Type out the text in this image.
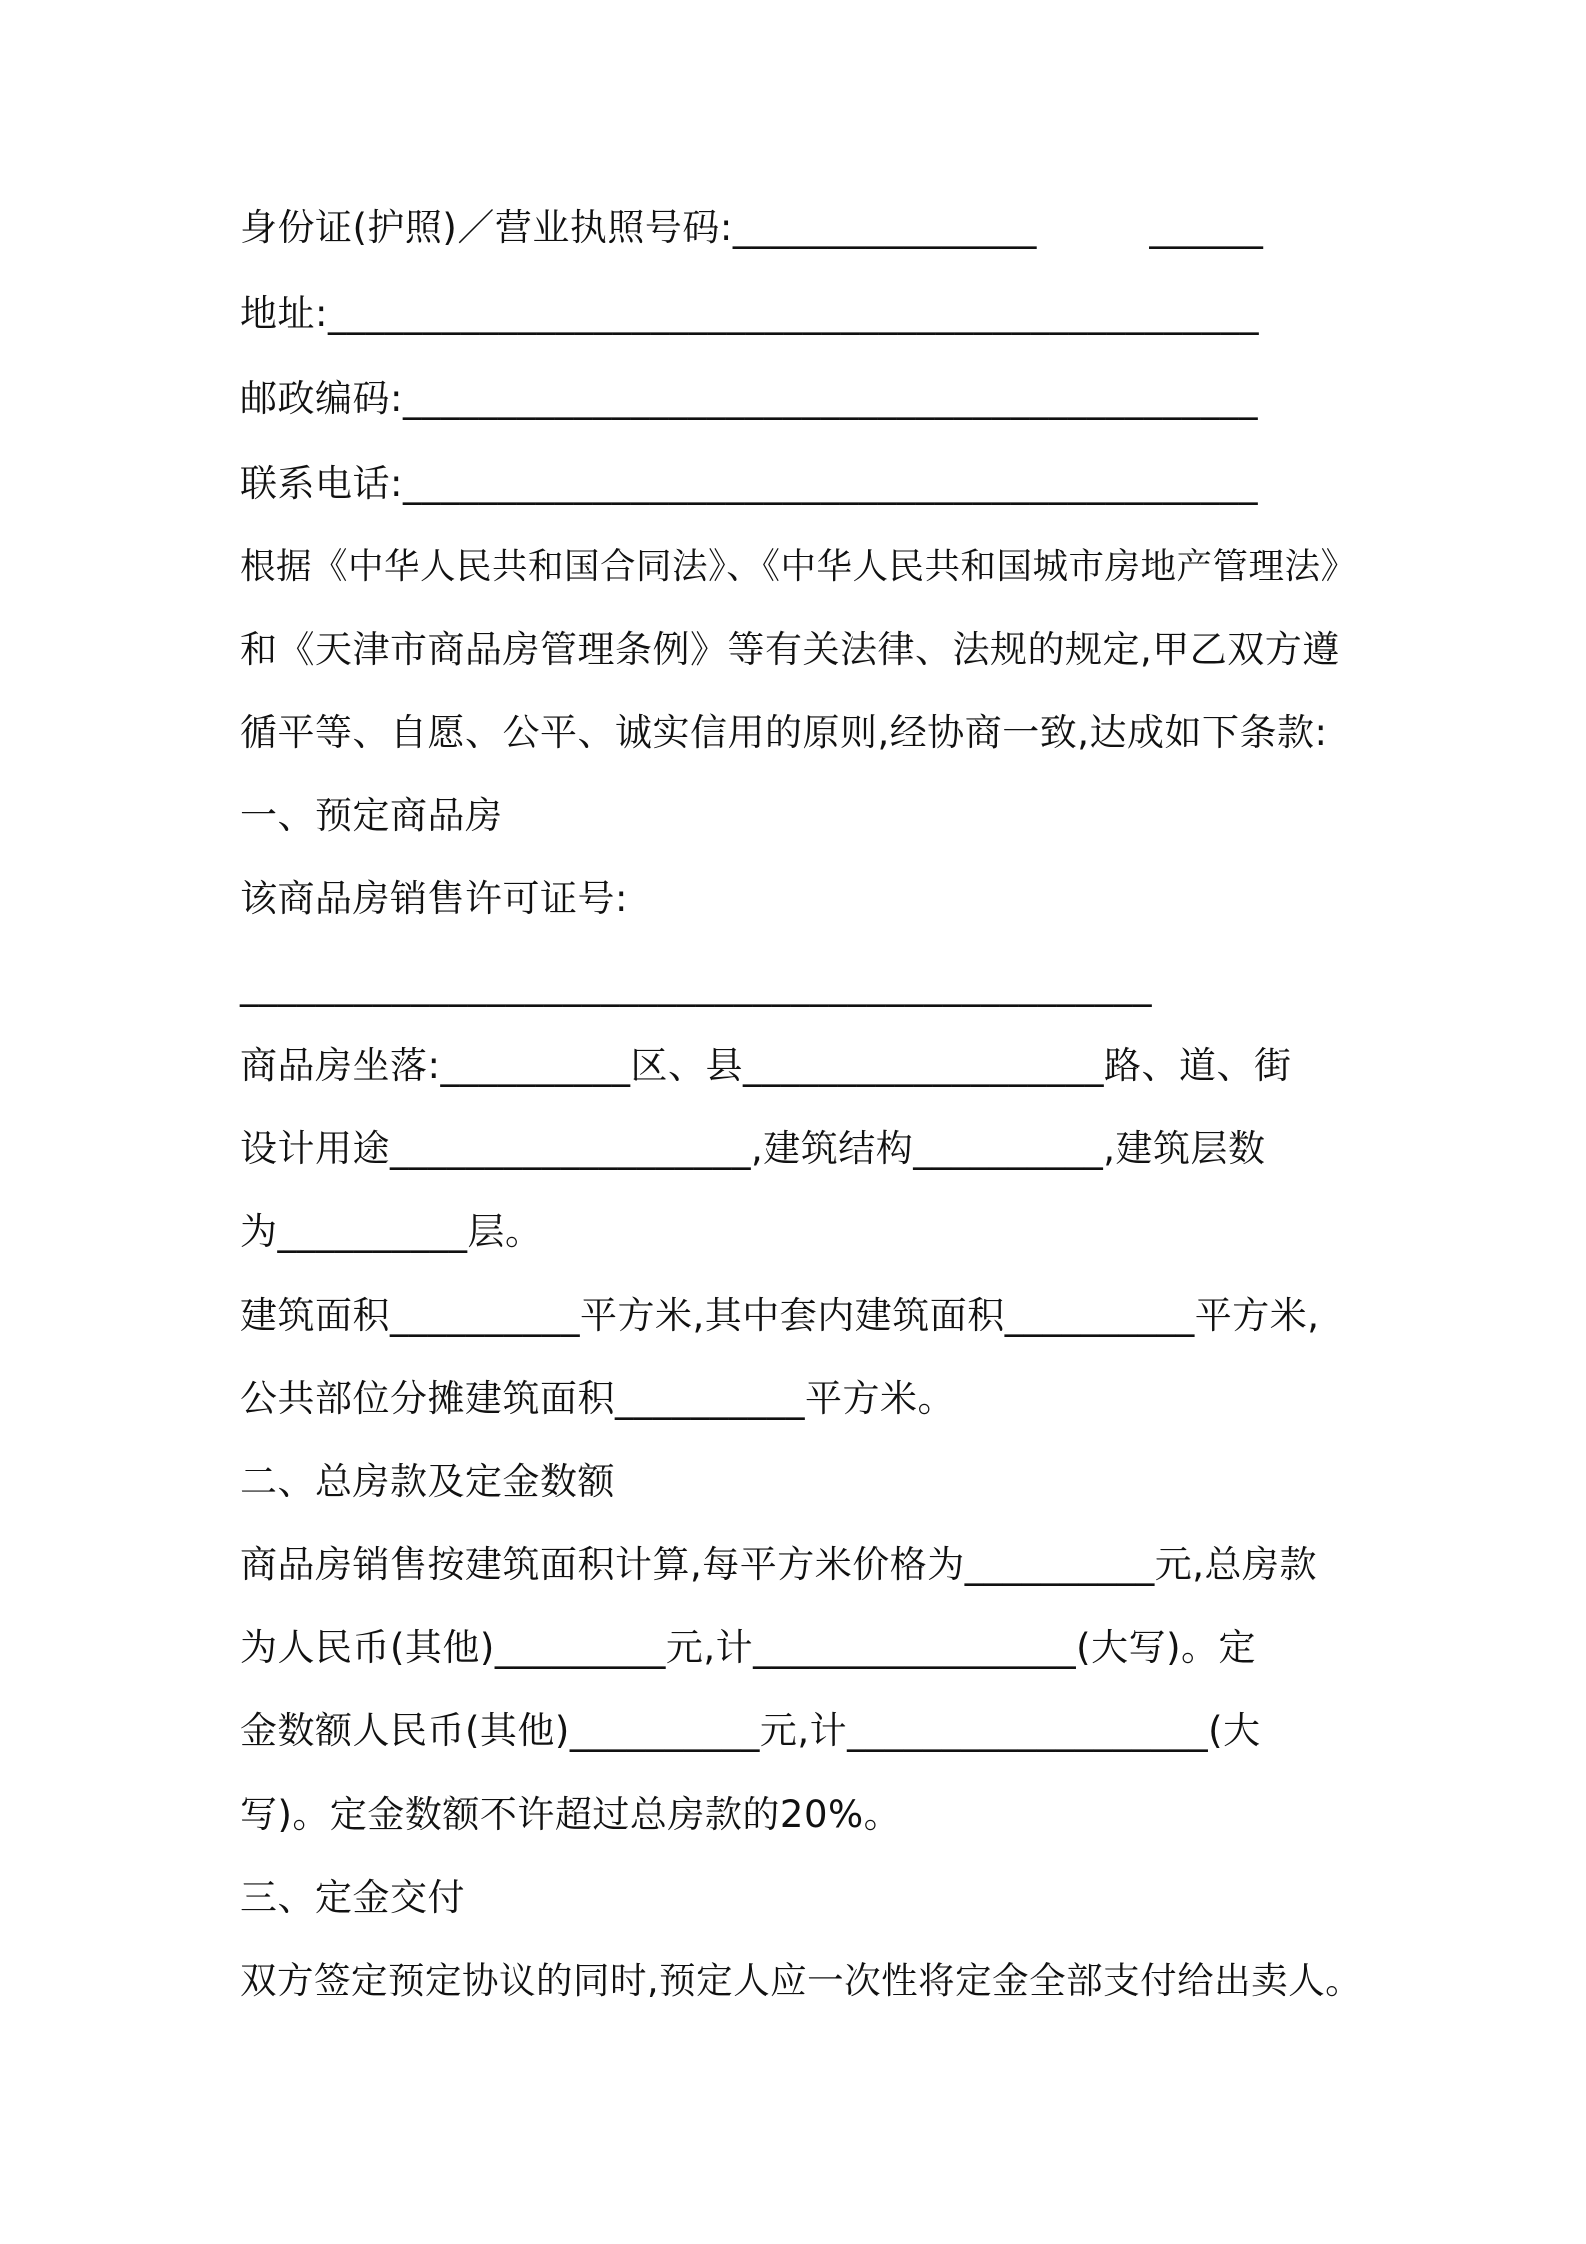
身份证(护照)／营业执照号码:________________　　　______
地址:_________________________________________________
邮政编码:_____________________________________________
联系电话:_____________________________________________
根据《中华人民共和国合同法》、《中华人民共和国城市房地产管理法》
和《天津市商品房管理条例》等有关法律、法规的规定,甲乙双方遵
循平等、自愿、公平、诚实信用的原则,经协商一致,达成如下条款:
一、预定商品房
该商品房销售许可证号:
________________________________________________
商品房坐落:__________区、县___________________路、道、街
设计用途___________________,建筑结构__________,建筑层数
为__________层。
建筑面积__________平方米,其中套内建筑面积__________平方米,
公共部位分摊建筑面积__________平方米。
二、总房款及定金数额
商品房销售按建筑面积计算,每平方米价格为__________元,总房款
为人民币(其他)_________元,计_________________(大写)。定
金数额人民币(其他)__________元,计___________________(大
写)。定金数额不许超过总房款的20%。
三、定金交付
双方签定预定协议的同时,预定人应一次性将定金全部支付给出卖人。
